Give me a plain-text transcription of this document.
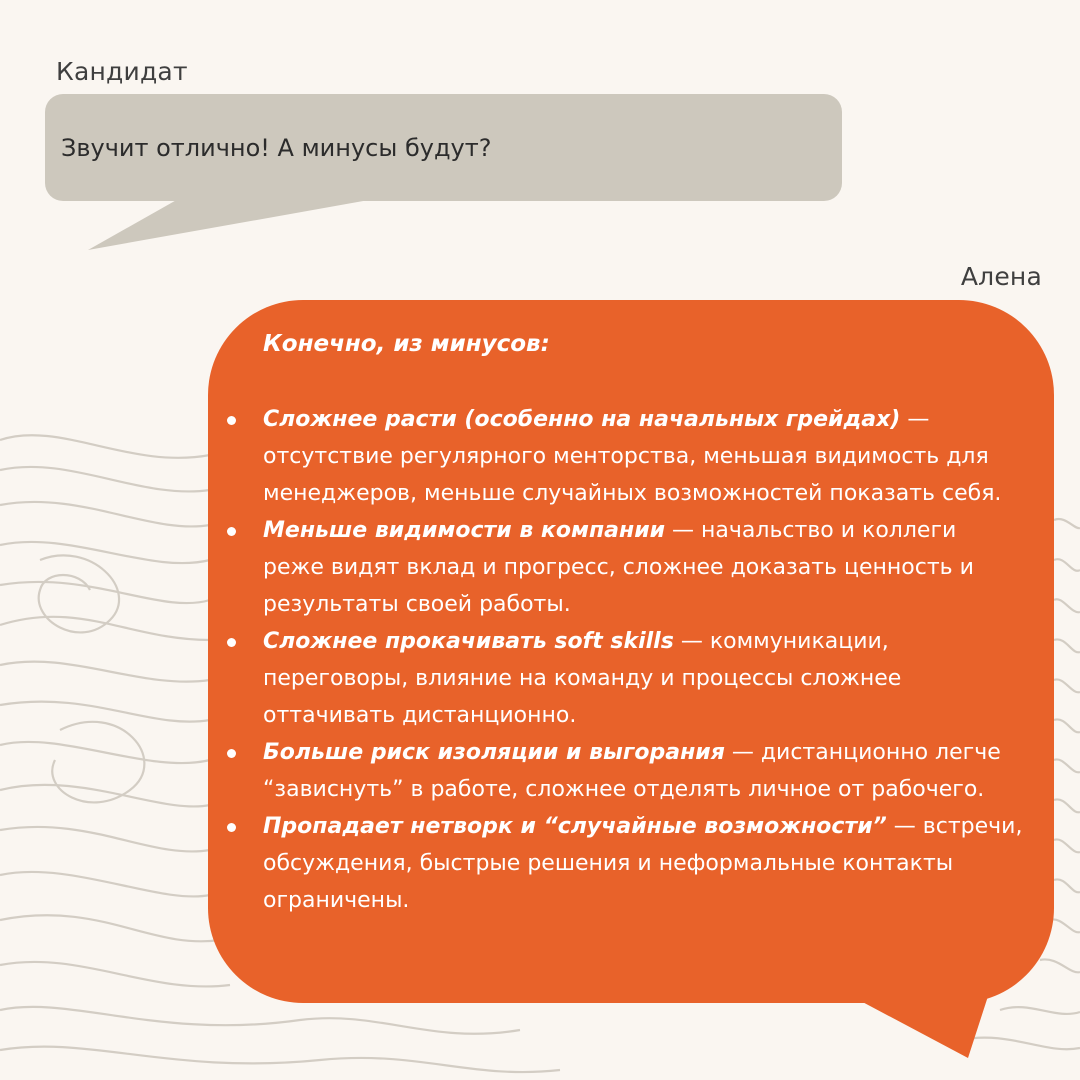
Кандидат
Звучит отлично! А минусы будут?
Алена

Конечно, из минусов:

Сложнее расти (особенно на начальных грейдах) — отсутствие регулярного менторства, меньшая видимость для менеджеров, меньше случайных возможностей показать себя.
Меньше видимости в компании — начальство и коллеги реже видят вклад и прогресс, сложнее доказать ценность и результаты своей работы.
Сложнее прокачивать soft skills — коммуникации, переговоры, влияние на команду и процессы сложнее оттачивать дистанционно.
Больше риск изоляции и выгорания — дистанционно легче “зависнуть” в работе, сложнее отделять личное от рабочего.
Пропадает нетворк и “случайные возможности” — встречи, обсуждения, быстрые решения и неформальные контакты ограничены.
